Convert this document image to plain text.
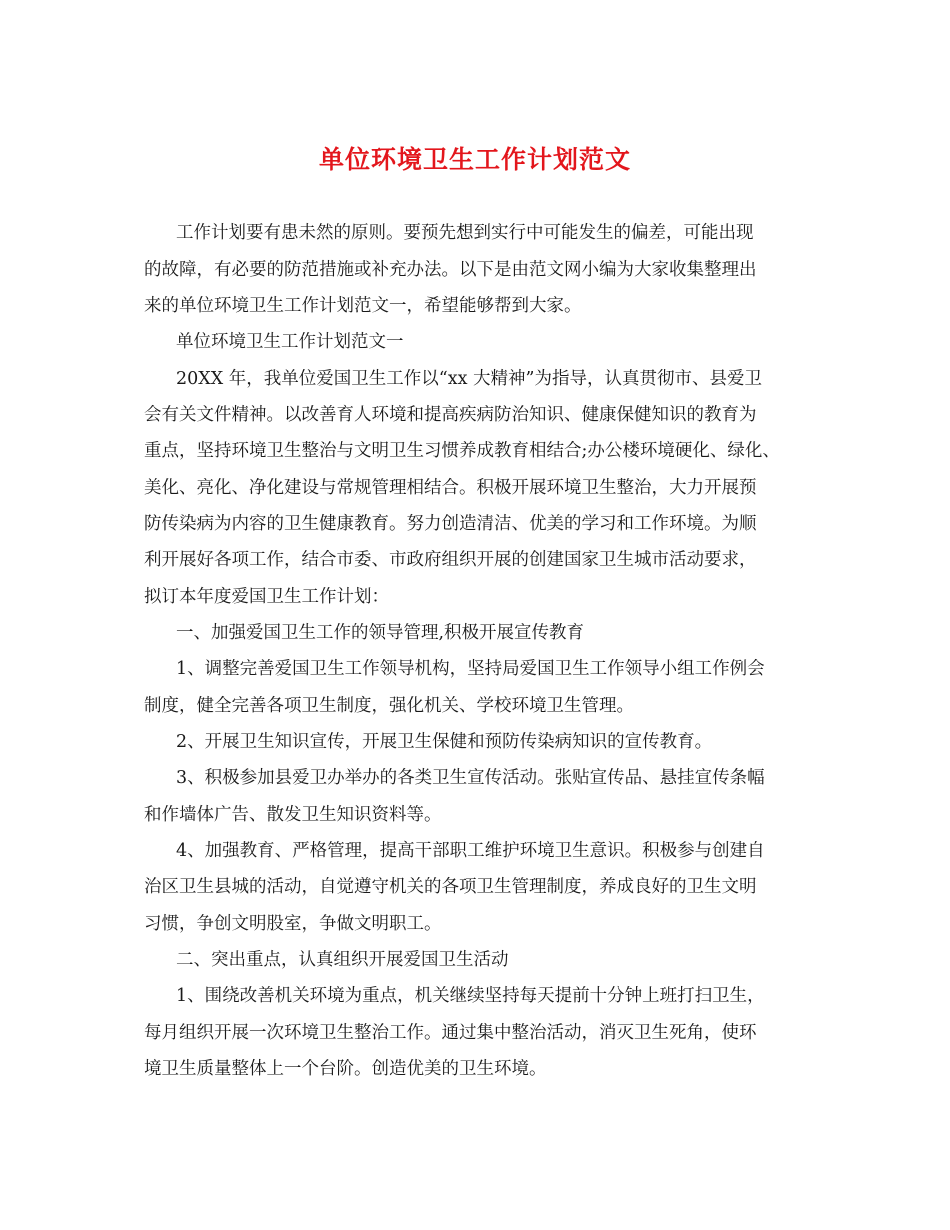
单位环境卫生工作计划范文
工作计划要有患未然的原则。要预先想到实行中可能发生的偏差，可能出现
的故障，有必要的防范措施或补充办法。以下是由范文网小编为大家收集整理出
来的单位环境卫生工作计划范文一，希望能够帮到大家。
单位环境卫生工作计划范文一
20XX 年，我单位爱国卫生工作以“xx 大精神”为指导，认真贯彻市、县爱卫
会有关文件精神。以改善育人环境和提高疾病防治知识、健康保健知识的教育为
重点，坚持环境卫生整治与文明卫生习惯养成教育相结合;办公楼环境硬化、绿化、
美化、亮化、净化建设与常规管理相结合。积极开展环境卫生整治，大力开展预
防传染病为内容的卫生健康教育。努力创造清洁、优美的学习和工作环境。为顺
利开展好各项工作，结合市委、市政府组织开展的创建国家卫生城市活动要求，
拟订本年度爱国卫生工作计划：
一、加强爱国卫生工作的领导管理,积极开展宣传教育
1、调整完善爱国卫生工作领导机构，坚持局爱国卫生工作领导小组工作例会
制度，健全完善各项卫生制度，强化机关、学校环境卫生管理。
2、开展卫生知识宣传，开展卫生保健和预防传染病知识的宣传教育。
3、积极参加县爱卫办举办的各类卫生宣传活动。张贴宣传品、悬挂宣传条幅
和作墙体广告、散发卫生知识资料等。
4、加强教育、严格管理，提高干部职工维护环境卫生意识。积极参与创建自
治区卫生县城的活动，自觉遵守机关的各项卫生管理制度，养成良好的卫生文明
习惯，争创文明股室，争做文明职工。
二、突出重点，认真组织开展爱国卫生活动
1、围绕改善机关环境为重点，机关继续坚持每天提前十分钟上班打扫卫生，
每月组织开展一次环境卫生整治工作。通过集中整治活动，消灭卫生死角，使环
境卫生质量整体上一个台阶。创造优美的卫生环境。
